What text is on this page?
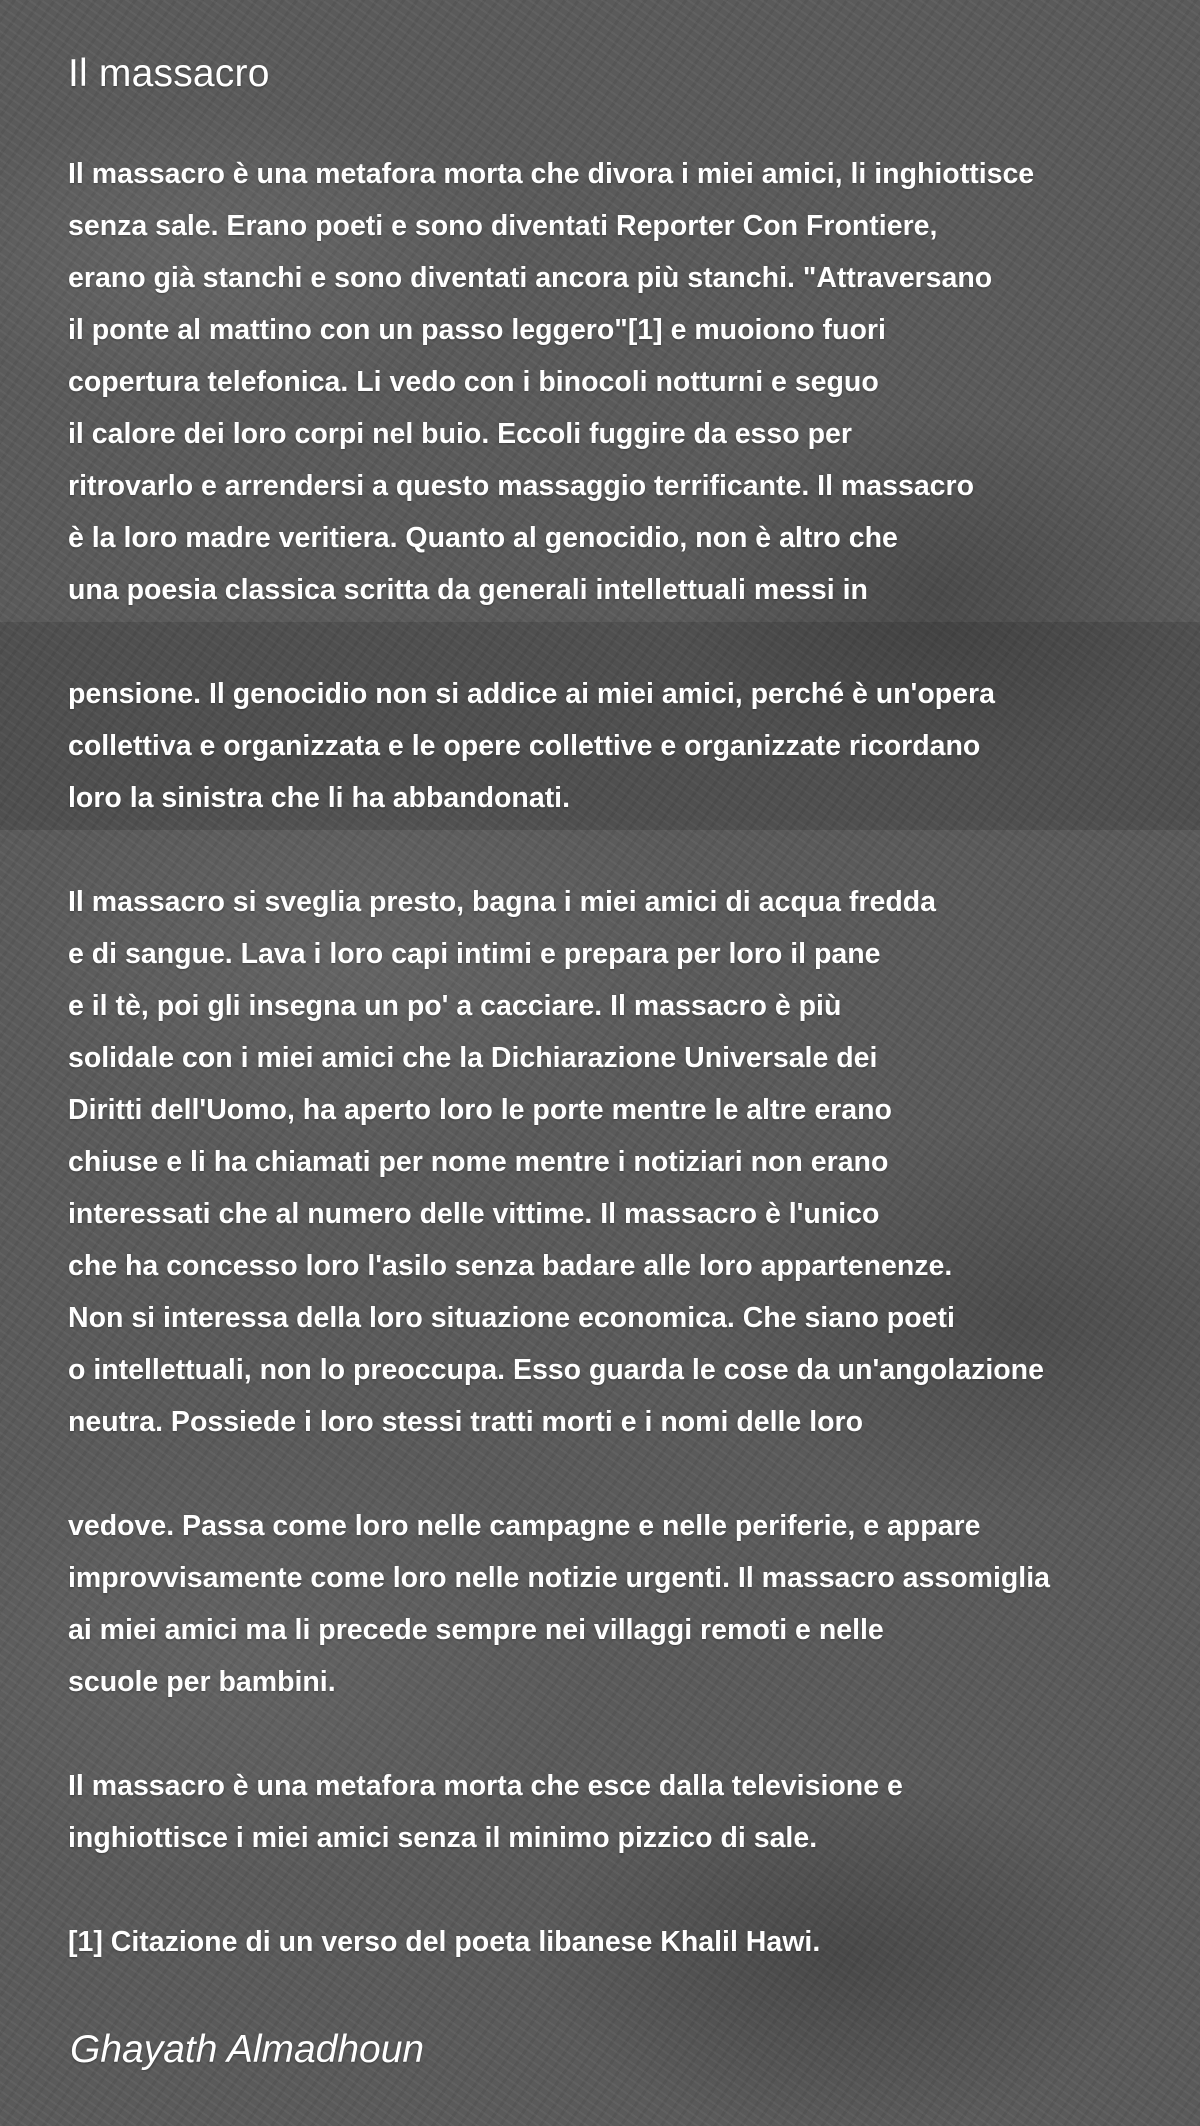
Il massacro
Il massacro è una metafora morta che divora i miei amici, li inghiottisce
senza sale. Erano poeti e sono diventati Reporter Con Frontiere,
erano già stanchi e sono diventati ancora più stanchi. "Attraversano
il ponte al mattino con un passo leggero"[1] e muoiono fuori
copertura telefonica. Li vedo con i binocoli notturni e seguo
il calore dei loro corpi nel buio. Eccoli fuggire da esso per
ritrovarlo e arrendersi a questo massaggio terrificante. Il massacro
è la loro madre veritiera. Quanto al genocidio, non è altro che
una poesia classica scritta da generali intellettuali messi in
pensione. Il genocidio non si addice ai miei amici, perché è un'opera
collettiva e organizzata e le opere collettive e organizzate ricordano
loro la sinistra che li ha abbandonati.
Il massacro si sveglia presto, bagna i miei amici di acqua fredda
e di sangue. Lava i loro capi intimi e prepara per loro il pane
e il tè, poi gli insegna un po' a cacciare. Il massacro è più
solidale con i miei amici che la Dichiarazione Universale dei
Diritti dell'Uomo, ha aperto loro le porte mentre le altre erano
chiuse e li ha chiamati per nome mentre i notiziari non erano
interessati che al numero delle vittime. Il massacro è l'unico
che ha concesso loro l'asilo senza badare alle loro appartenenze.
Non si interessa della loro situazione economica. Che siano poeti
o intellettuali, non lo preoccupa. Esso guarda le cose da un'angolazione
neutra. Possiede i loro stessi tratti morti e i nomi delle loro
vedove. Passa come loro nelle campagne e nelle periferie, e appare
improvvisamente come loro nelle notizie urgenti. Il massacro assomiglia
ai miei amici ma li precede sempre nei villaggi remoti e nelle
scuole per bambini.
Il massacro è una metafora morta che esce dalla televisione e
inghiottisce i miei amici senza il minimo pizzico di sale.
[1] Citazione di un verso del poeta libanese Khalil Hawi.

Ghayath Almadhoun
